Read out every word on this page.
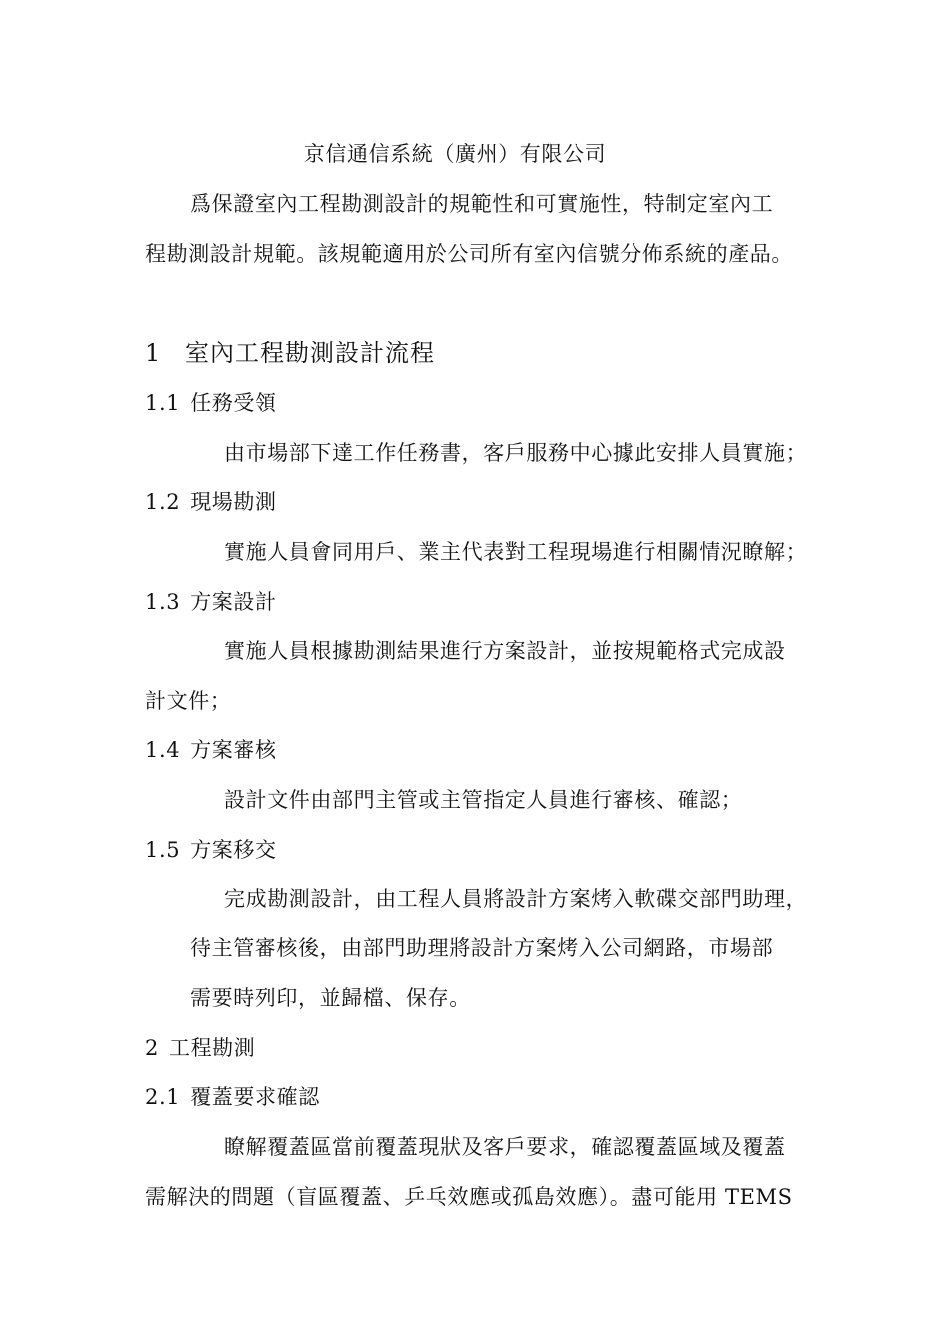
京信通信系統（廣州）有限公司
爲保證室內工程勘測設計的規範性和可實施性，特制定室內工
程勘測設計規範。該規範適用於公司所有室內信號分佈系統的產品。
1 室內工程勘測設計流程
1.1 任務受領
由市場部下達工作任務書，客戶服務中心據此安排人員實施；
1.2 現場勘測
實施人員會同用戶、業主代表對工程現場進行相關情況瞭解；
1.3 方案設計
實施人員根據勘測結果進行方案設計，並按規範格式完成設
計文件；
1.4 方案審核
設計文件由部門主管或主管指定人員進行審核、確認；
1.5 方案移交
完成勘測設計，由工程人員將設計方案烤入軟碟交部門助理，
待主管審核後，由部門助理將設計方案烤入公司網路，市場部
需要時列印，並歸檔、保存。
2 工程勘測
2.1 覆蓋要求確認
瞭解覆蓋區當前覆蓋現狀及客戶要求，確認覆蓋區域及覆蓋
需解決的問題（盲區覆蓋、乒乓效應或孤島效應）。盡可能用 TEMS
